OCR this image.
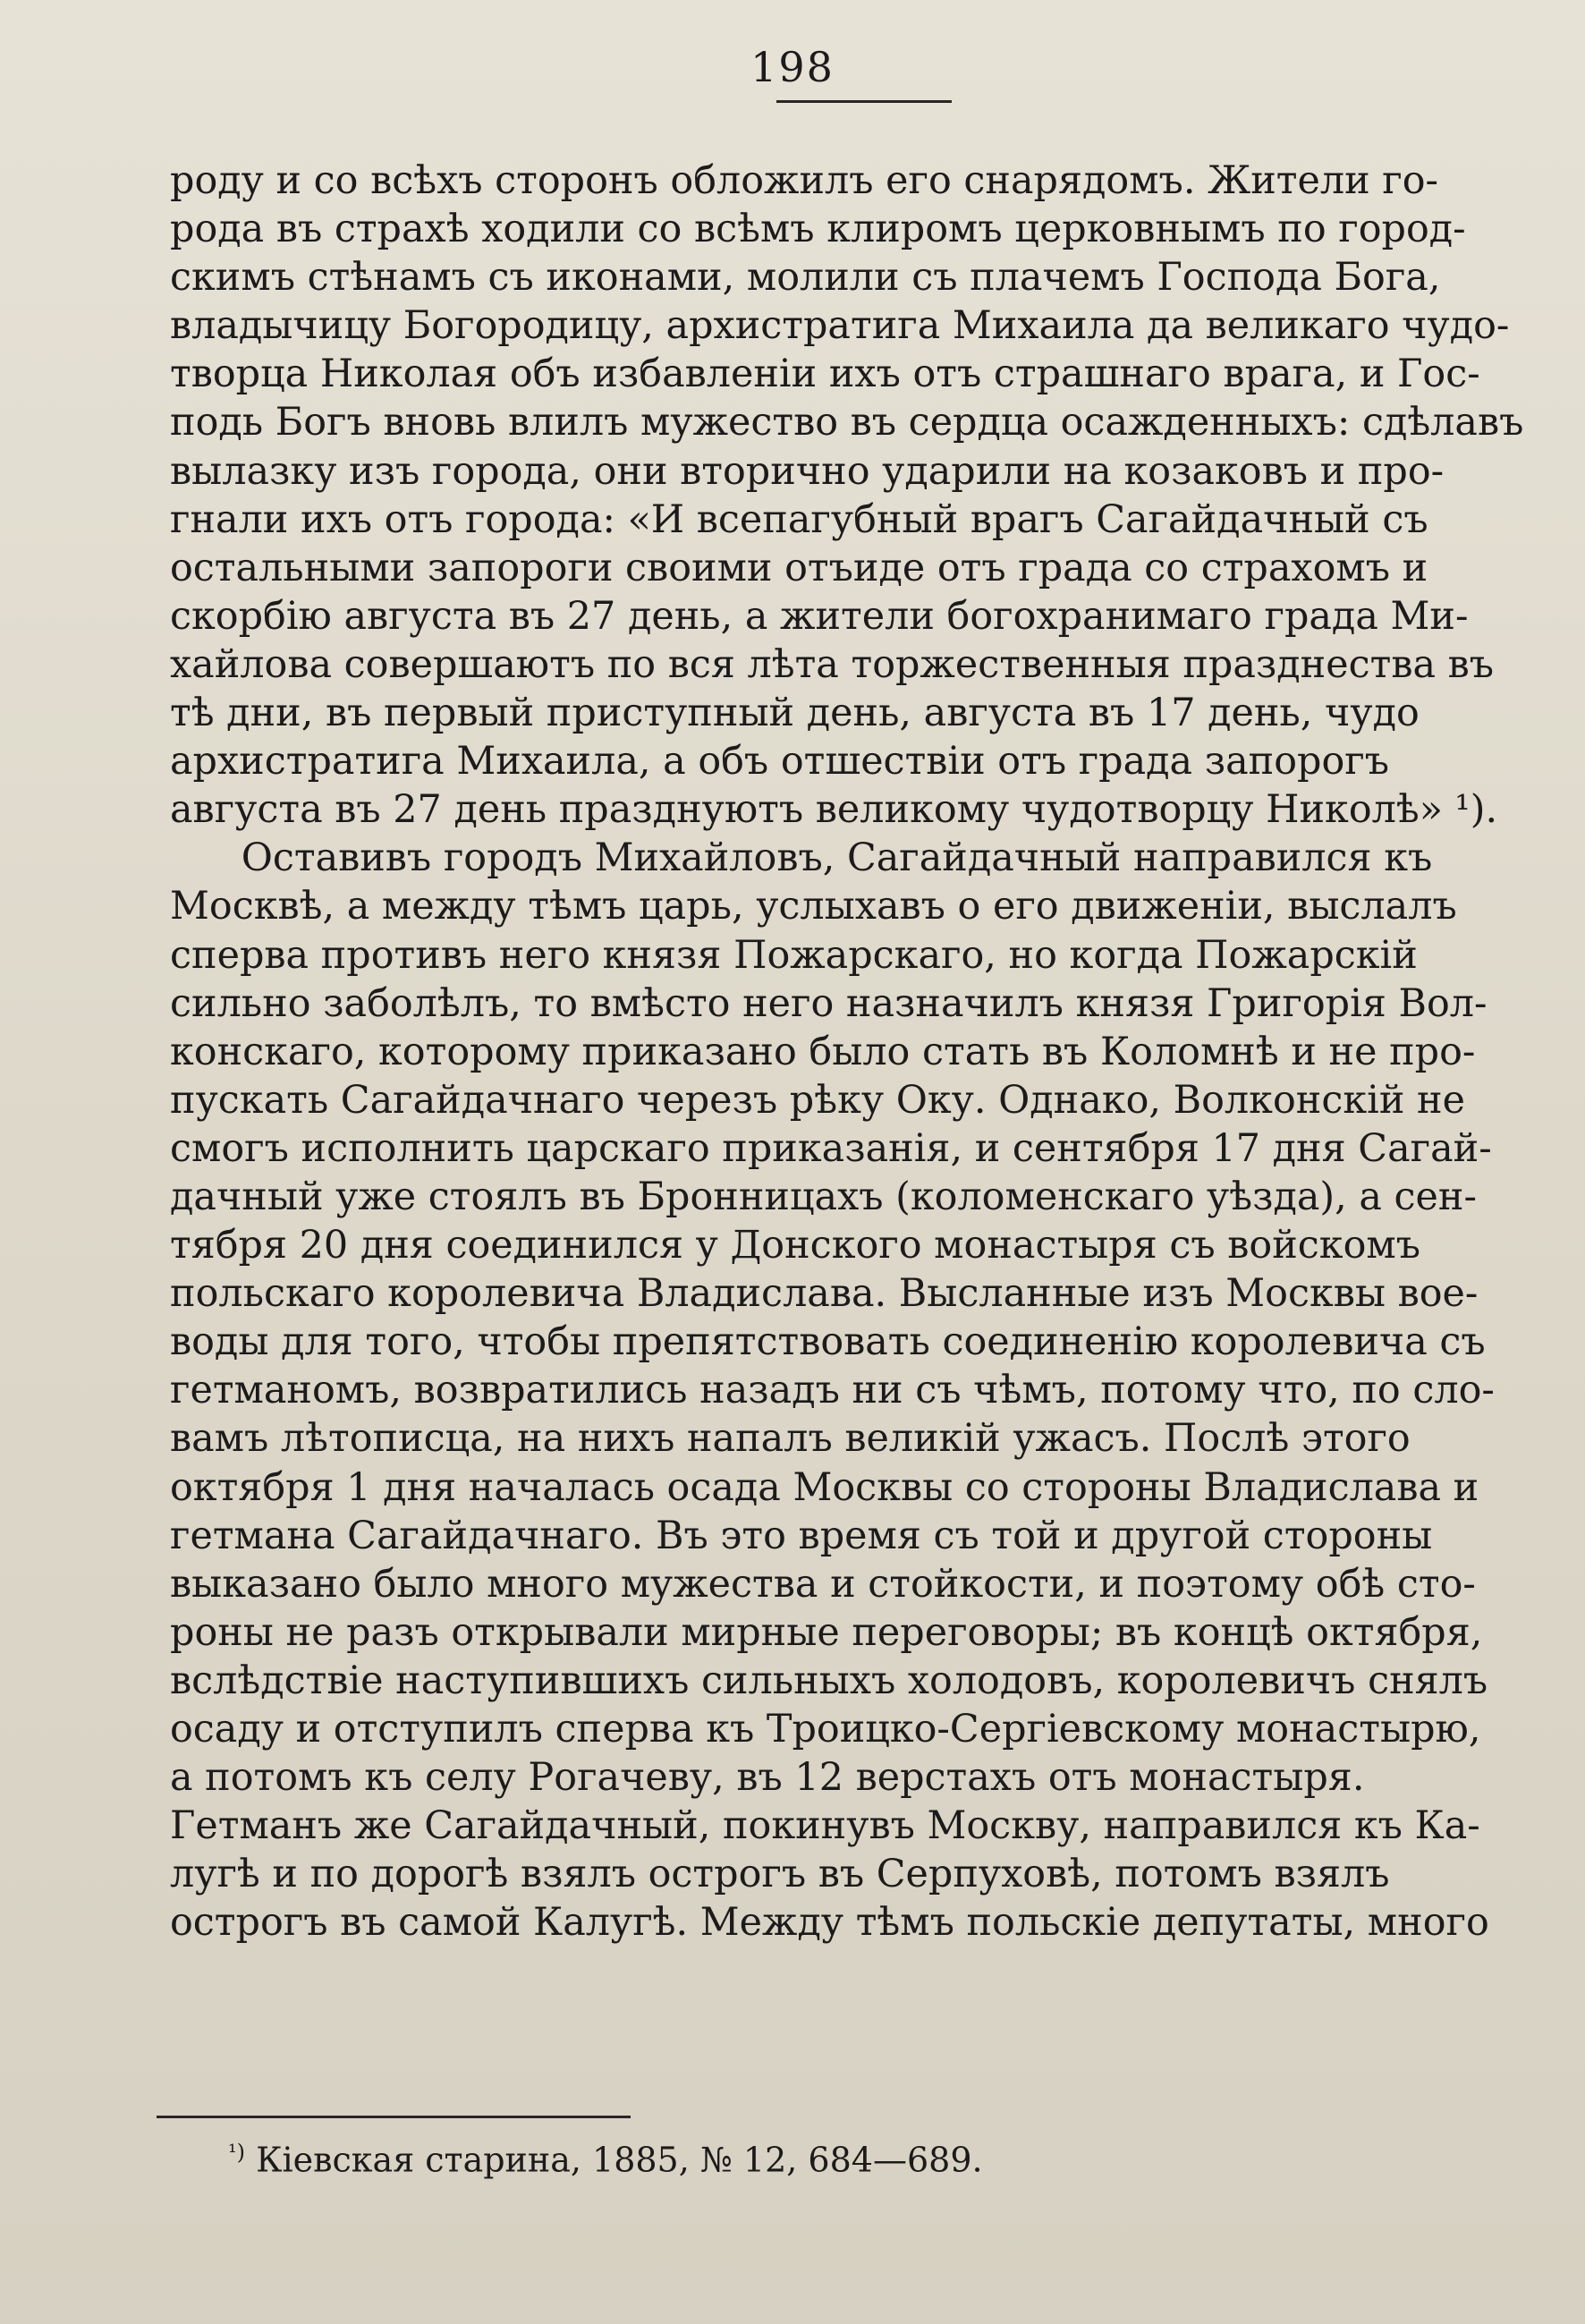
198
роду и со всѣхъ сторонъ обложилъ его снарядомъ. Жители го-
рода въ страхѣ ходили со всѣмъ клиромъ церковнымъ по город-
скимъ стѣнамъ съ иконами, молили съ плачемъ Господа Бога,
владычицу Богородицу, архистратига Михаила да великаго чудо-
творца Николая объ избавленіи ихъ отъ страшнаго врага, и Гос-
подь Богъ вновь влилъ мужество въ сердца осажденныхъ: сдѣлавъ
вылазку изъ города, они вторично ударили на козаковъ и про-
гнали ихъ отъ города: «И всепагубный врагъ Сагайдачный съ
остальными запороги своими отъиде отъ града со страхомъ и
скорбію августа въ 27 день, а жители богохранимаго града Ми-
хайлова совершаютъ по вся лѣта торжественныя празднества въ
тѣ дни, въ первый приступный день, августа въ 17 день, чудо
архистратига Михаила, а объ отшествіи отъ града запорогъ
августа въ 27 день празднуютъ великому чудотворцу Николѣ» ¹).
Оставивъ городъ Михайловъ, Сагайдачный направился къ
Москвѣ, а между тѣмъ царь, услыхавъ о его движеніи, выслалъ
сперва противъ него князя Пожарскаго, но когда Пожарскій
сильно заболѣлъ, то вмѣсто него назначилъ князя Григорія Вол-
конскаго, которому приказано было стать въ Коломнѣ и не про-
пускать Сагайдачнаго черезъ рѣку Оку. Однако, Волконскій не
смогъ исполнить царскаго приказанія, и сентября 17 дня Сагай-
дачный уже стоялъ въ Бронницахъ (коломенскаго уѣзда), а сен-
тября 20 дня соединился у Донского монастыря съ войскомъ
польскаго королевича Владислава. Высланные изъ Москвы вое-
воды для того, чтобы препятствовать соединенію королевича съ
гетманомъ, возвратились назадъ ни съ чѣмъ, потому что, по сло-
вамъ лѣтописца, на нихъ напалъ великій ужасъ. Послѣ этого
октября 1 дня началась осада Москвы со стороны Владислава и
гетмана Сагайдачнаго. Въ это время съ той и другой стороны
выказано было много мужества и стойкости, и поэтому обѣ сто-
роны не разъ открывали мирные переговоры; въ концѣ октября,
вслѣдствіе наступившихъ сильныхъ холодовъ, королевичъ снялъ
осаду и отступилъ сперва къ Троицко-Сергіевскому монастырю,
а потомъ къ селу Рогачеву, въ 12 верстахъ отъ монастыря.
Гетманъ же Сагайдачный, покинувъ Москву, направился къ Ка-
лугѣ и по дорогѣ взялъ острогъ въ Серпуховѣ, потомъ взялъ
острогъ въ самой Калугѣ. Между тѣмъ польскіе депутаты, много
$^{^1)}$ Кіевская старина, 1885, № 12, 684—689.
